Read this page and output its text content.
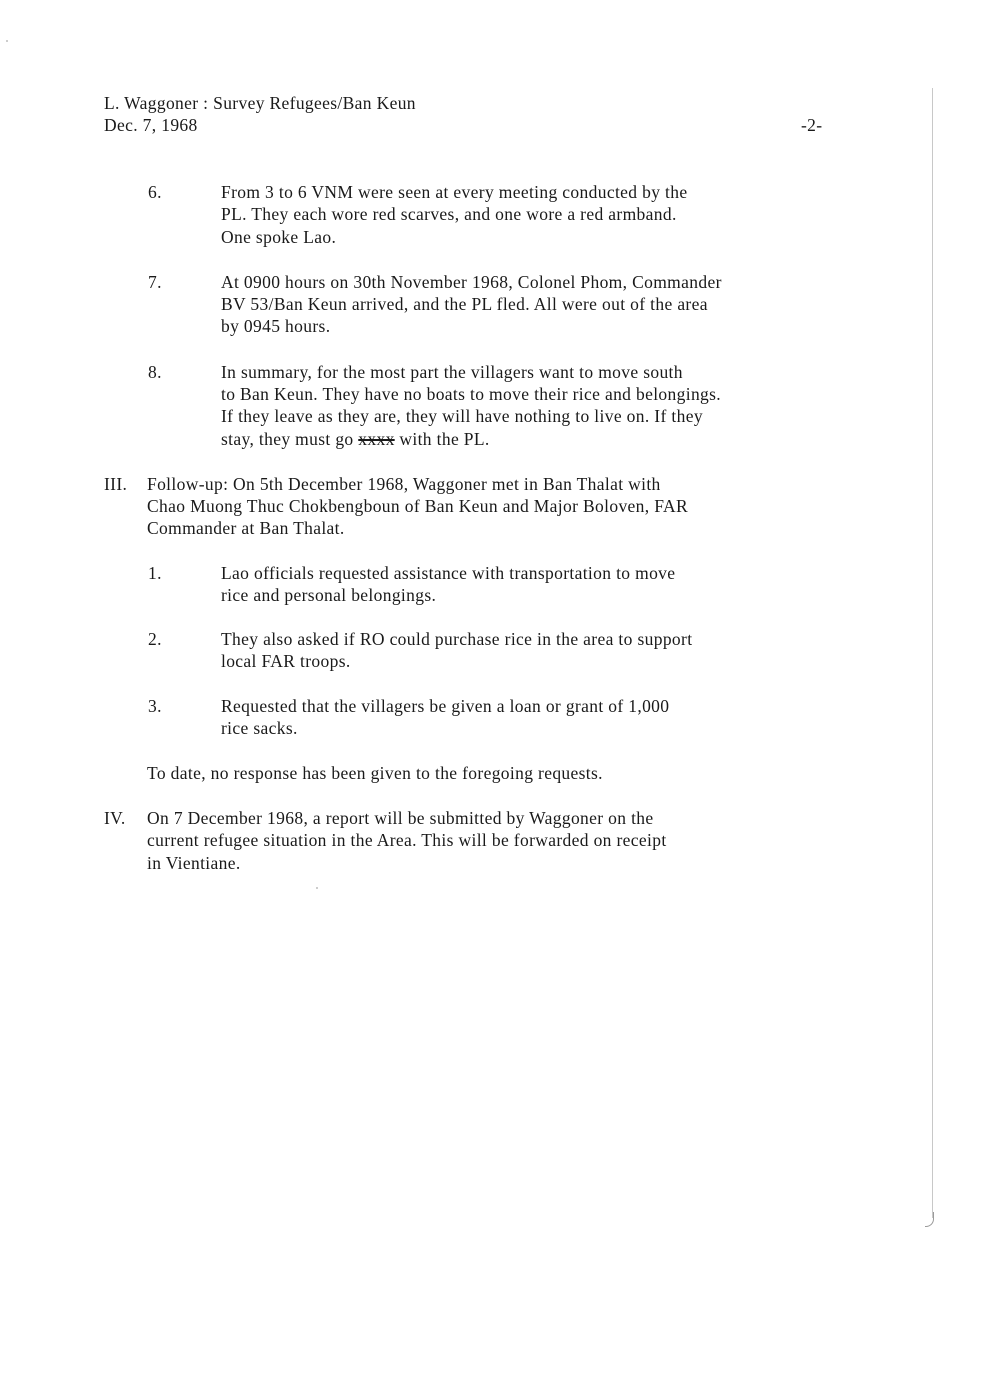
L. Waggoner : Survey Refugees/Ban Keun
Dec. 7, 1968	-2-
6.	From 3 to 6 VNM were seen at every meeting conducted by the
PL. They each wore red scarves, and one wore a red armband.
One spoke Lao.
7.	At 0900 hours on 30th November 1968, Colonel Phom, Commander
BV 53/Ban Keun arrived, and the PL fled. All were out of the area
by 0945 hours.
8.	In summary, for the most part the villagers want to move south
to Ban Keun. They have no boats to move their rice and belongings.
If they leave as they are, they will have nothing to live on. If they
stay, they must go xxxx with the PL.
III. Follow-up: On 5th December 1968, Waggoner met in Ban Thalat with
Chao Muong Thuc Chokbengboun of Ban Keun and Major Boloven, FAR
Commander at Ban Thalat.
1.	Lao officials requested assistance with transportation to move
rice and personal belongings.
2.	They also asked if RO could purchase rice in the area to support
local FAR troops.
3.	Requested that the villagers be given a loan or grant of 1,000
rice sacks.
To date, no response has been given to the foregoing requests.
IV. On 7 December 1968, a report will be submitted by Waggoner on the
current refugee situation in the Area. This will be forwarded on receipt
in Vientiane.
